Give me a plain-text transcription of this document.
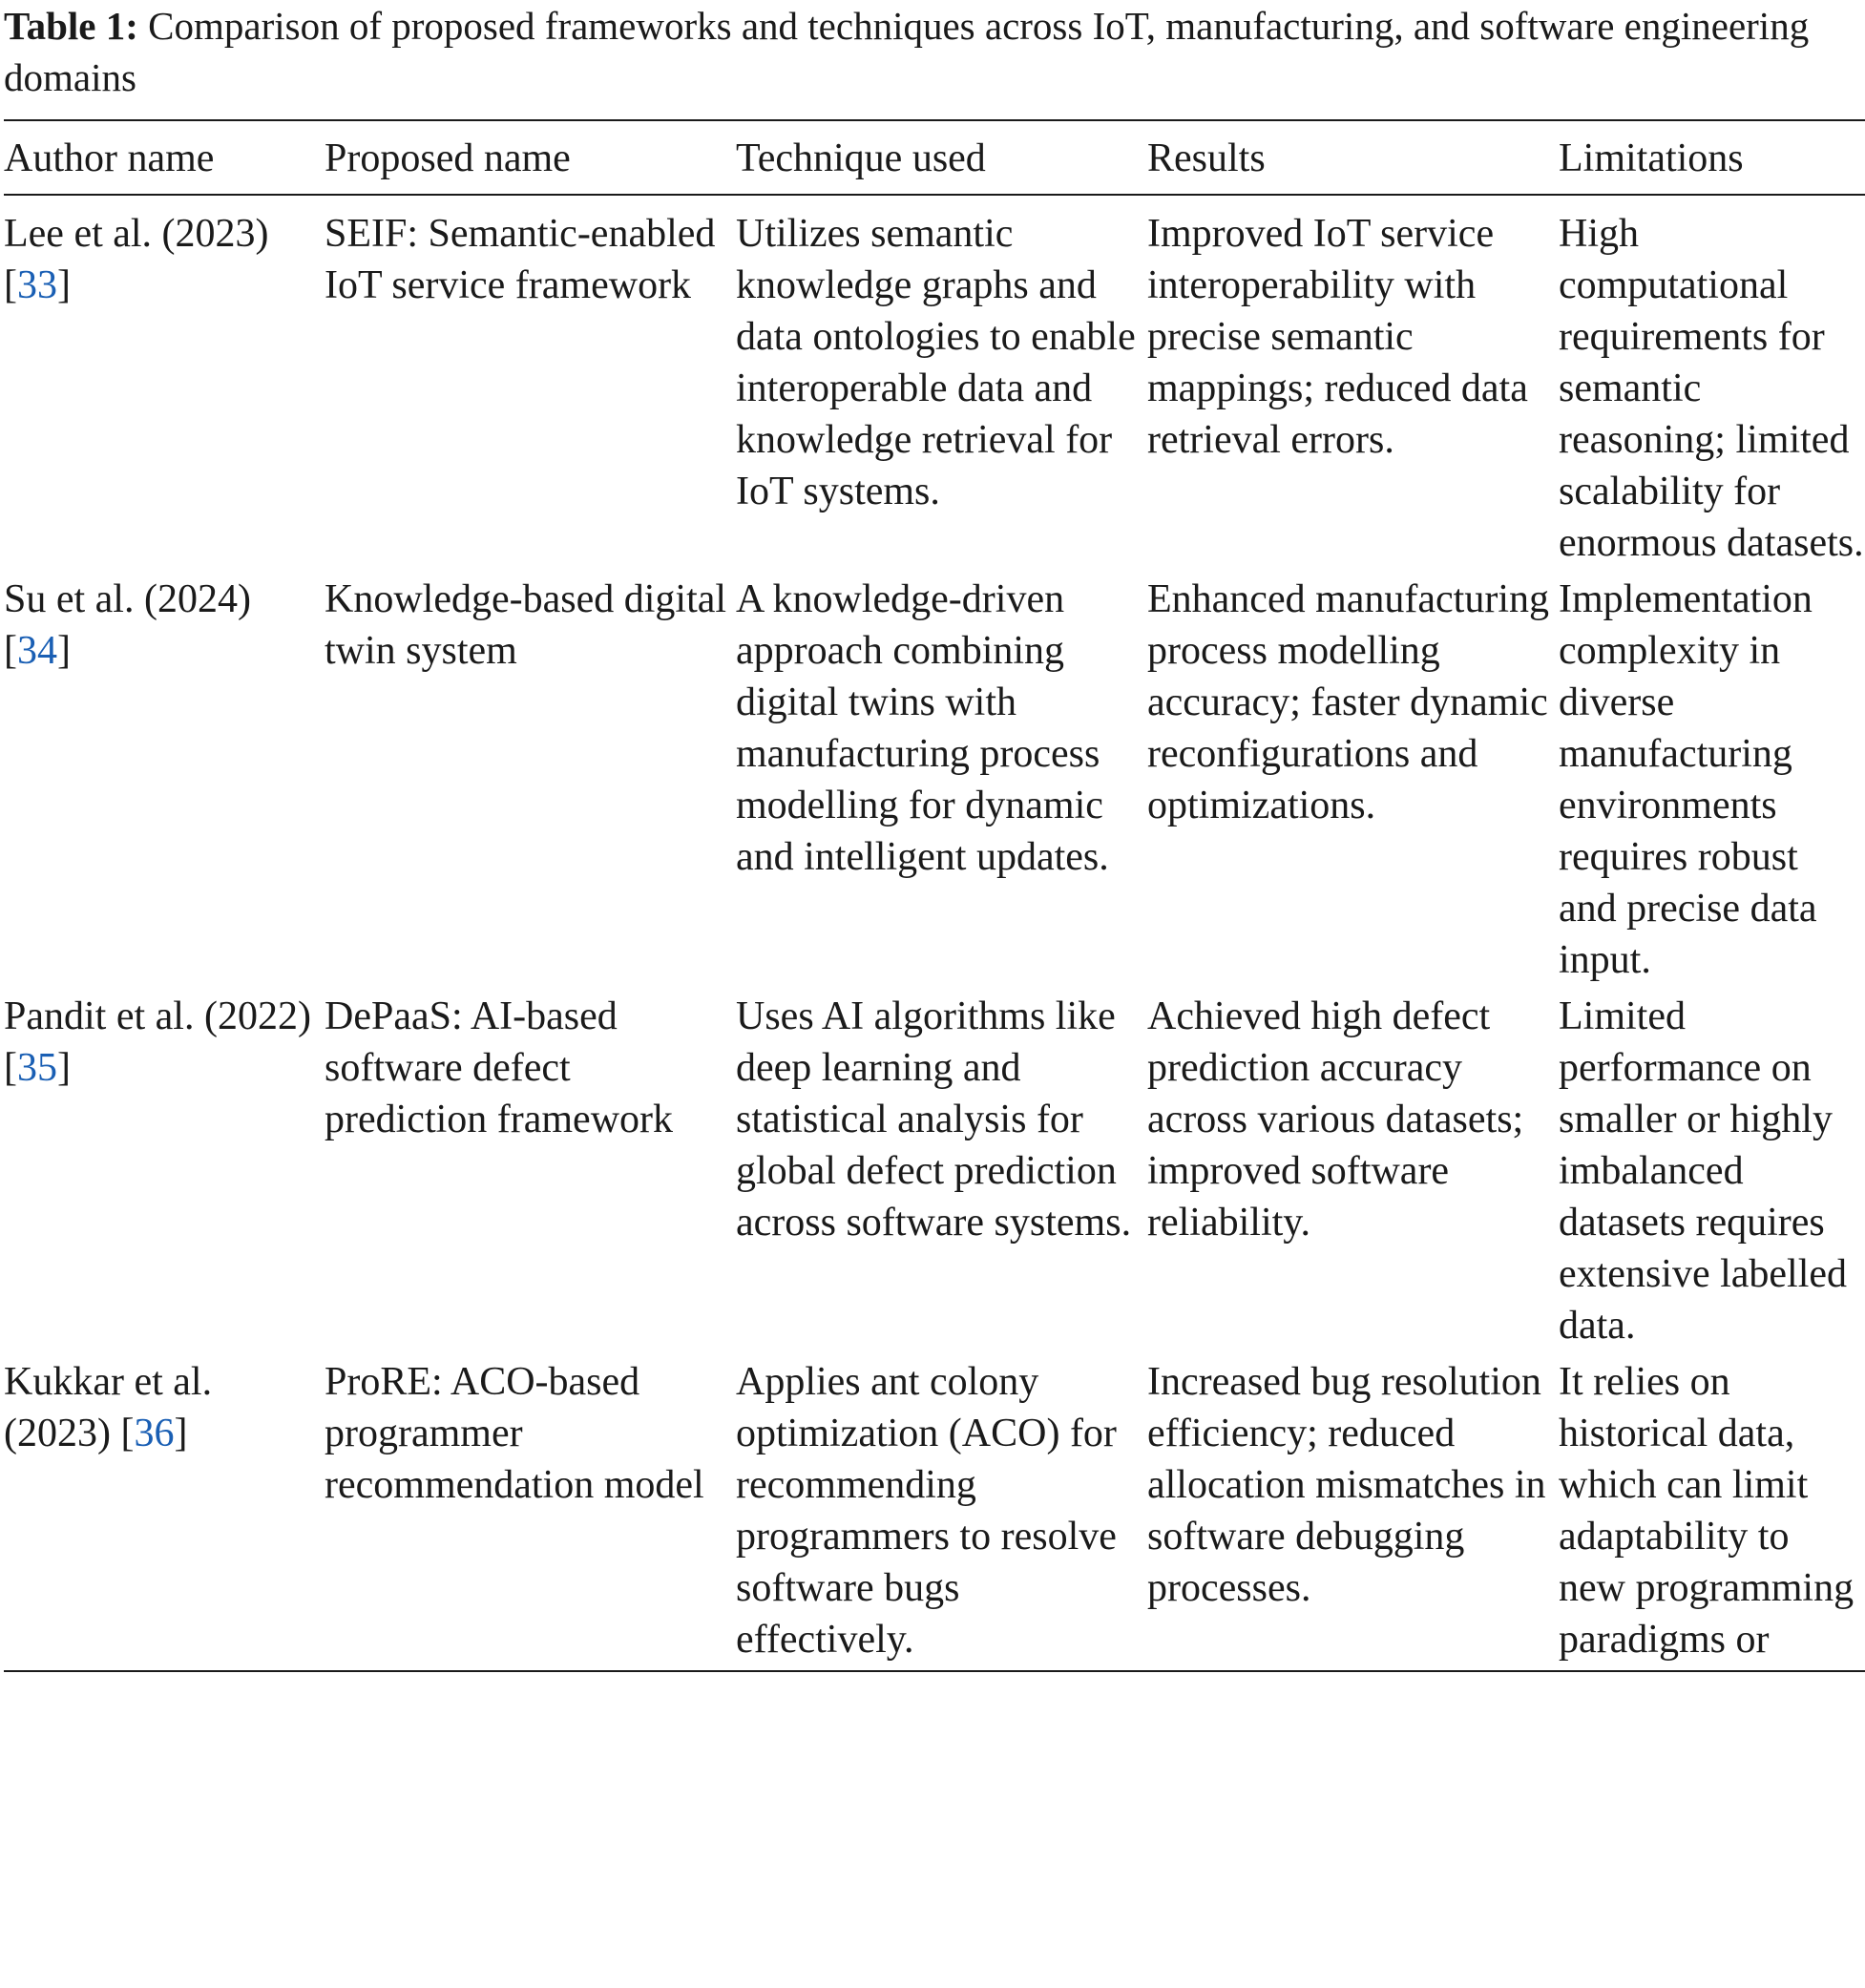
Table 1: Comparison of proposed frameworks and techniques across IoT, manufacturing, and software engineering domains
Author name	Proposed name	Technique used	Results	Limitations
Lee et al. (2023) [33]	SEIF: Semantic-enabled IoT service framework	Utilizes semantic knowledge graphs and data ontologies to enable interoperable data and knowledge retrieval for IoT systems.	Improved IoT service interoperability with precise semantic mappings; reduced data retrieval errors.	High computational requirements for semantic reasoning; limited scalability for enormous datasets.
Su et al. (2024) [34]	Knowledge-based digital twin system	A knowledge-driven approach combining digital twins with manufacturing process modelling for dynamic and intelligent updates.	Enhanced manufacturing process modelling accuracy; faster dynamic reconfigurations and optimizations.	Implementation complexity in diverse manufacturing environments requires robust and precise data input.
Pandit et al. (2022) [35]	DePaaS: AI-based software defect prediction framework	Uses AI algorithms like deep learning and statistical analysis for global defect prediction across software systems.	Achieved high defect prediction accuracy across various datasets; improved software reliability.	Limited performance on smaller or highly imbalanced datasets requires extensive labelled data.
Kukkar et al. (2023) [36]	ProRE: ACO-based programmer recommendation model	Applies ant colony optimization (ACO) for recommending programmers to resolve software bugs effectively.	Increased bug resolution efficiency; reduced allocation mismatches in software debugging processes.	It relies on historical data, which can limit adaptability to new programming paradigms or
